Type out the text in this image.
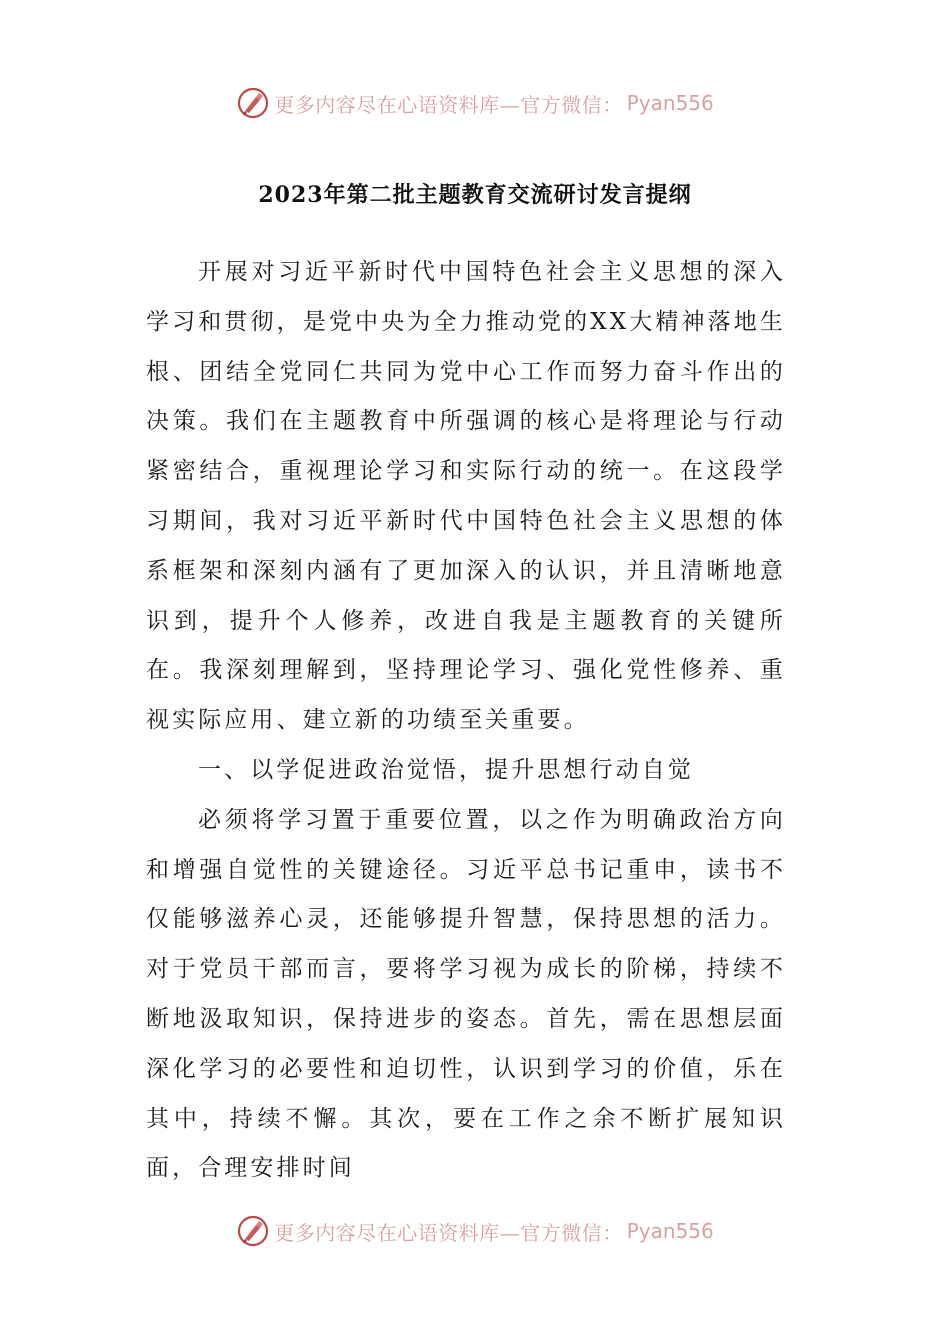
更多内容尽在心语资料库—官方微信： Pyan556
2023年第二批主题教育交流研讨发言提纲

开展对习近平新时代中国特色社会主义思想的深入学习和贯彻，是党中央为全力推动党的XX大精神落地生根、团结全党同仁共同为党中心工作而努力奋斗作出的决策。我们在主题教育中所强调的核心是将理论与行动紧密结合，重视理论学习和实际行动的统一。在这段学习期间，我对习近平新时代中国特色社会主义思想的体系框架和深刻内涵有了更加深入的认识，并且清晰地意识到，提升个人修养，改进自我是主题教育的关键所在。我深刻理解到，坚持理论学习、强化党性修养、重视实际应用、建立新的功绩至关重要。

一、以学促进政治觉悟，提升思想行动自觉

必须将学习置于重要位置，以之作为明确政治方向和增强自觉性的关键途径。习近平总书记重申，读书不仅能够滋养心灵，还能够提升智慧，保持思想的活力。对于党员干部而言，要将学习视为成长的阶梯，持续不断地汲取知识，保持进步的姿态。首先，需在思想层面深化学习的必要性和迫切性，认识到学习的价值，乐在其中，持续不懈。其次，要在工作之余不断扩展知识面，合理安排时间

更多内容尽在心语资料库—官方微信： Pyan556
